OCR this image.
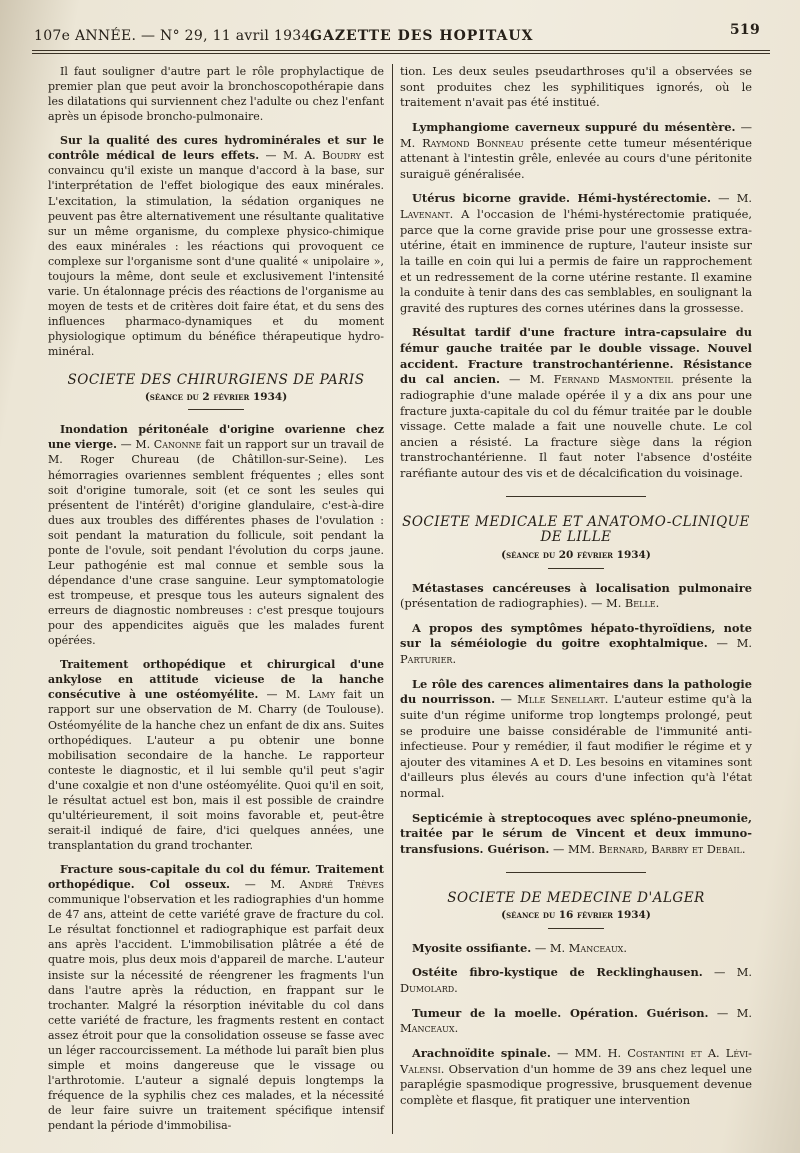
107e ANNÉE. — N° 29, 11 avril 1934.
GAZETTE DES HOPITAUX	519

Il faut souligner d'autre part le rôle prophylactique de premier plan que peut avoir la bronchoscopothérapie dans les dilatations qui surviennent chez l'adulte ou chez l'enfant après un épisode broncho-pulmonaire.

Sur la qualité des cures hydrominérales et sur le contrôle médical de leurs effets. — M. A. Boudry est convaincu qu'il existe un manque d'accord à la base, sur l'interprétation de l'effet biologique des eaux minérales. L'excitation, la stimulation, la sédation organiques ne peuvent pas être alternativement une résultante qualitative sur un même organisme, du complexe physico-chimique des eaux minérales : les réactions qui provoquent ce complexe sur l'organisme sont d'une qualité « unipolaire », toujours la même, dont seule et exclusivement l'intensité varie. Un étalonnage précis des réactions de l'organisme au moyen de tests et de critères doit faire état, et du sens des influences pharmaco-dynamiques et du moment physiologique optimum du bénéfice thérapeutique hydro-minéral.

SOCIETE DES CHIRURGIENS DE PARIS
(séance du 2 février 1934)

Inondation péritonéale d'origine ovarienne chez une vierge. — M. Canonne fait un rapport sur un travail de M. Roger Chureau (de Châtillon-sur-Seine). Les hémorragies ovariennes semblent fréquentes ; elles sont soit d'origine tumorale, soit (et ce sont les seules qui présentent de l'intérêt) d'origine glandulaire, c'est-à-dire dues aux troubles des différentes phases de l'ovulation : soit pendant la maturation du follicule, soit pendant la ponte de l'ovule, soit pendant l'évolution du corps jaune. Leur pathogénie est mal connue et semble sous la dépendance d'une crase sanguine. Leur symptomatologie est trompeuse, et presque tous les auteurs signalent des erreurs de diagnostic nombreuses : c'est presque toujours pour des appendicites aiguës que les malades furent opérées.

Traitement orthopédique et chirurgical d'une ankylose en attitude vicieuse de la hanche consécutive à une ostéomyélite. — M. Lamy fait un rapport sur une observation de M. Charry (de Toulouse). Ostéomyélite de la hanche chez un enfant de dix ans. Suites orthopédiques. L'auteur a pu obtenir une bonne mobilisation secondaire de la hanche. Le rapporteur conteste le diagnostic, et il lui semble qu'il peut s'agir d'une coxalgie et non d'une ostéomyélite. Quoi qu'il en soit, le résultat actuel est bon, mais il est possible de craindre qu'ultérieurement, il soit moins favorable et, peut-être serait-il indiqué de faire, d'ici quelques années, une transplantation du grand trochanter.

Fracture sous-capitale du col du fémur. Traitement orthopédique. Col osseux. — M. André Trèves communique l'observation et les radiographies d'un homme de 47 ans, atteint de cette variété grave de fracture du col. Le résultat fonctionnel et radiographique est parfait deux ans après l'accident. L'immobilisation plâtrée a été de quatre mois, plus deux mois d'appareil de marche. L'auteur insiste sur la nécessité de réengrener les fragments l'un dans l'autre après la réduction, en frappant sur le trochanter. Malgré la résorption inévitable du col dans cette variété de fracture, les fragments restent en contact assez étroit pour que la consolidation osseuse se fasse avec un léger raccourcissement. La méthode lui paraît bien plus simple et moins dangereuse que le vissage ou l'arthrotomie. L'auteur a signalé depuis longtemps la fréquence de la syphilis chez ces malades, et la nécessité de leur faire suivre un traitement spécifique intensif pendant la période d'immobilisa-

tion. Les deux seules pseudarthroses qu'il a observées se sont produites chez les syphilitiques ignorés, où le traitement n'avait pas été institué.

Lymphangiome caverneux suppuré du mésentère. — M. Raymond Bonneau présente cette tumeur mésentérique attenant à l'intestin grêle, enlevée au cours d'une péritonite suraiguë généralisée.

Utérus bicorne gravide. Hémi-hystérectomie. — M. Lavenant. A l'occasion de l'hémi-hystérectomie pratiquée, parce que la corne gravide prise pour une grossesse extra-utérine, était en imminence de rupture, l'auteur insiste sur la taille en coin qui lui a permis de faire un rapprochement et un redressement de la corne utérine restante. Il examine la conduite à tenir dans des cas semblables, en soulignant la gravité des ruptures des cornes utérines dans la grossesse.

Résultat tardif d'une fracture intra-capsulaire du fémur gauche traitée par le double vissage. Nouvel accident. Fracture transtrochantérienne. Résistance du cal ancien. — M. Fernand Masmonteil présente la radiographie d'une malade opérée il y a dix ans pour une fracture juxta-capitale du col du fémur traitée par le double vissage. Cette malade a fait une nouvelle chute. Le col ancien a résisté. La fracture siège dans la région transtrochantérienne. Il faut noter l'absence d'ostéite raréfiante autour des vis et de décalcification du voisinage.

SOCIETE MEDICALE ET ANATOMO-CLINIQUE DE LILLE
(séance du 20 février 1934)

Métastases cancéreuses à localisation pulmonaire (présentation de radiographies). — M. Belle.

A propos des symptômes hépato-thyroïdiens, note sur la séméiologie du goitre exophtalmique. — M. Parturier.

Le rôle des carences alimentaires dans la pathologie du nourrisson. — Mlle Senellart. L'auteur estime qu'à la suite d'un régime uniforme trop longtemps prolongé, peut se produire une baisse considérable de l'immunité anti-infectieuse. Pour y remédier, il faut modifier le régime et y ajouter des vitamines A et D. Les besoins en vitamines sont d'ailleurs plus élevés au cours d'une infection qu'à l'état normal.

Septicémie à streptocoques avec spléno-pneumonie, traitée par le sérum de Vincent et deux immuno-transfusions. Guérison. — MM. Bernard, Barbry et Debail.

SOCIETE DE MEDECINE D'ALGER
(séance du 16 février 1934)

Myosite ossifiante. — M. Manceaux.

Ostéite fibro-kystique de Recklinghausen. — M. Dumolard.

Tumeur de la moelle. Opération. Guérison. — M. Manceaux.

Arachnoïdite spinale. — MM. H. Costantini et A. Lévi-Valensi. Observation d'un homme de 39 ans chez lequel une paraplégie spasmodique progressive, brusquement devenue complète et flasque, fit pratiquer une intervention
